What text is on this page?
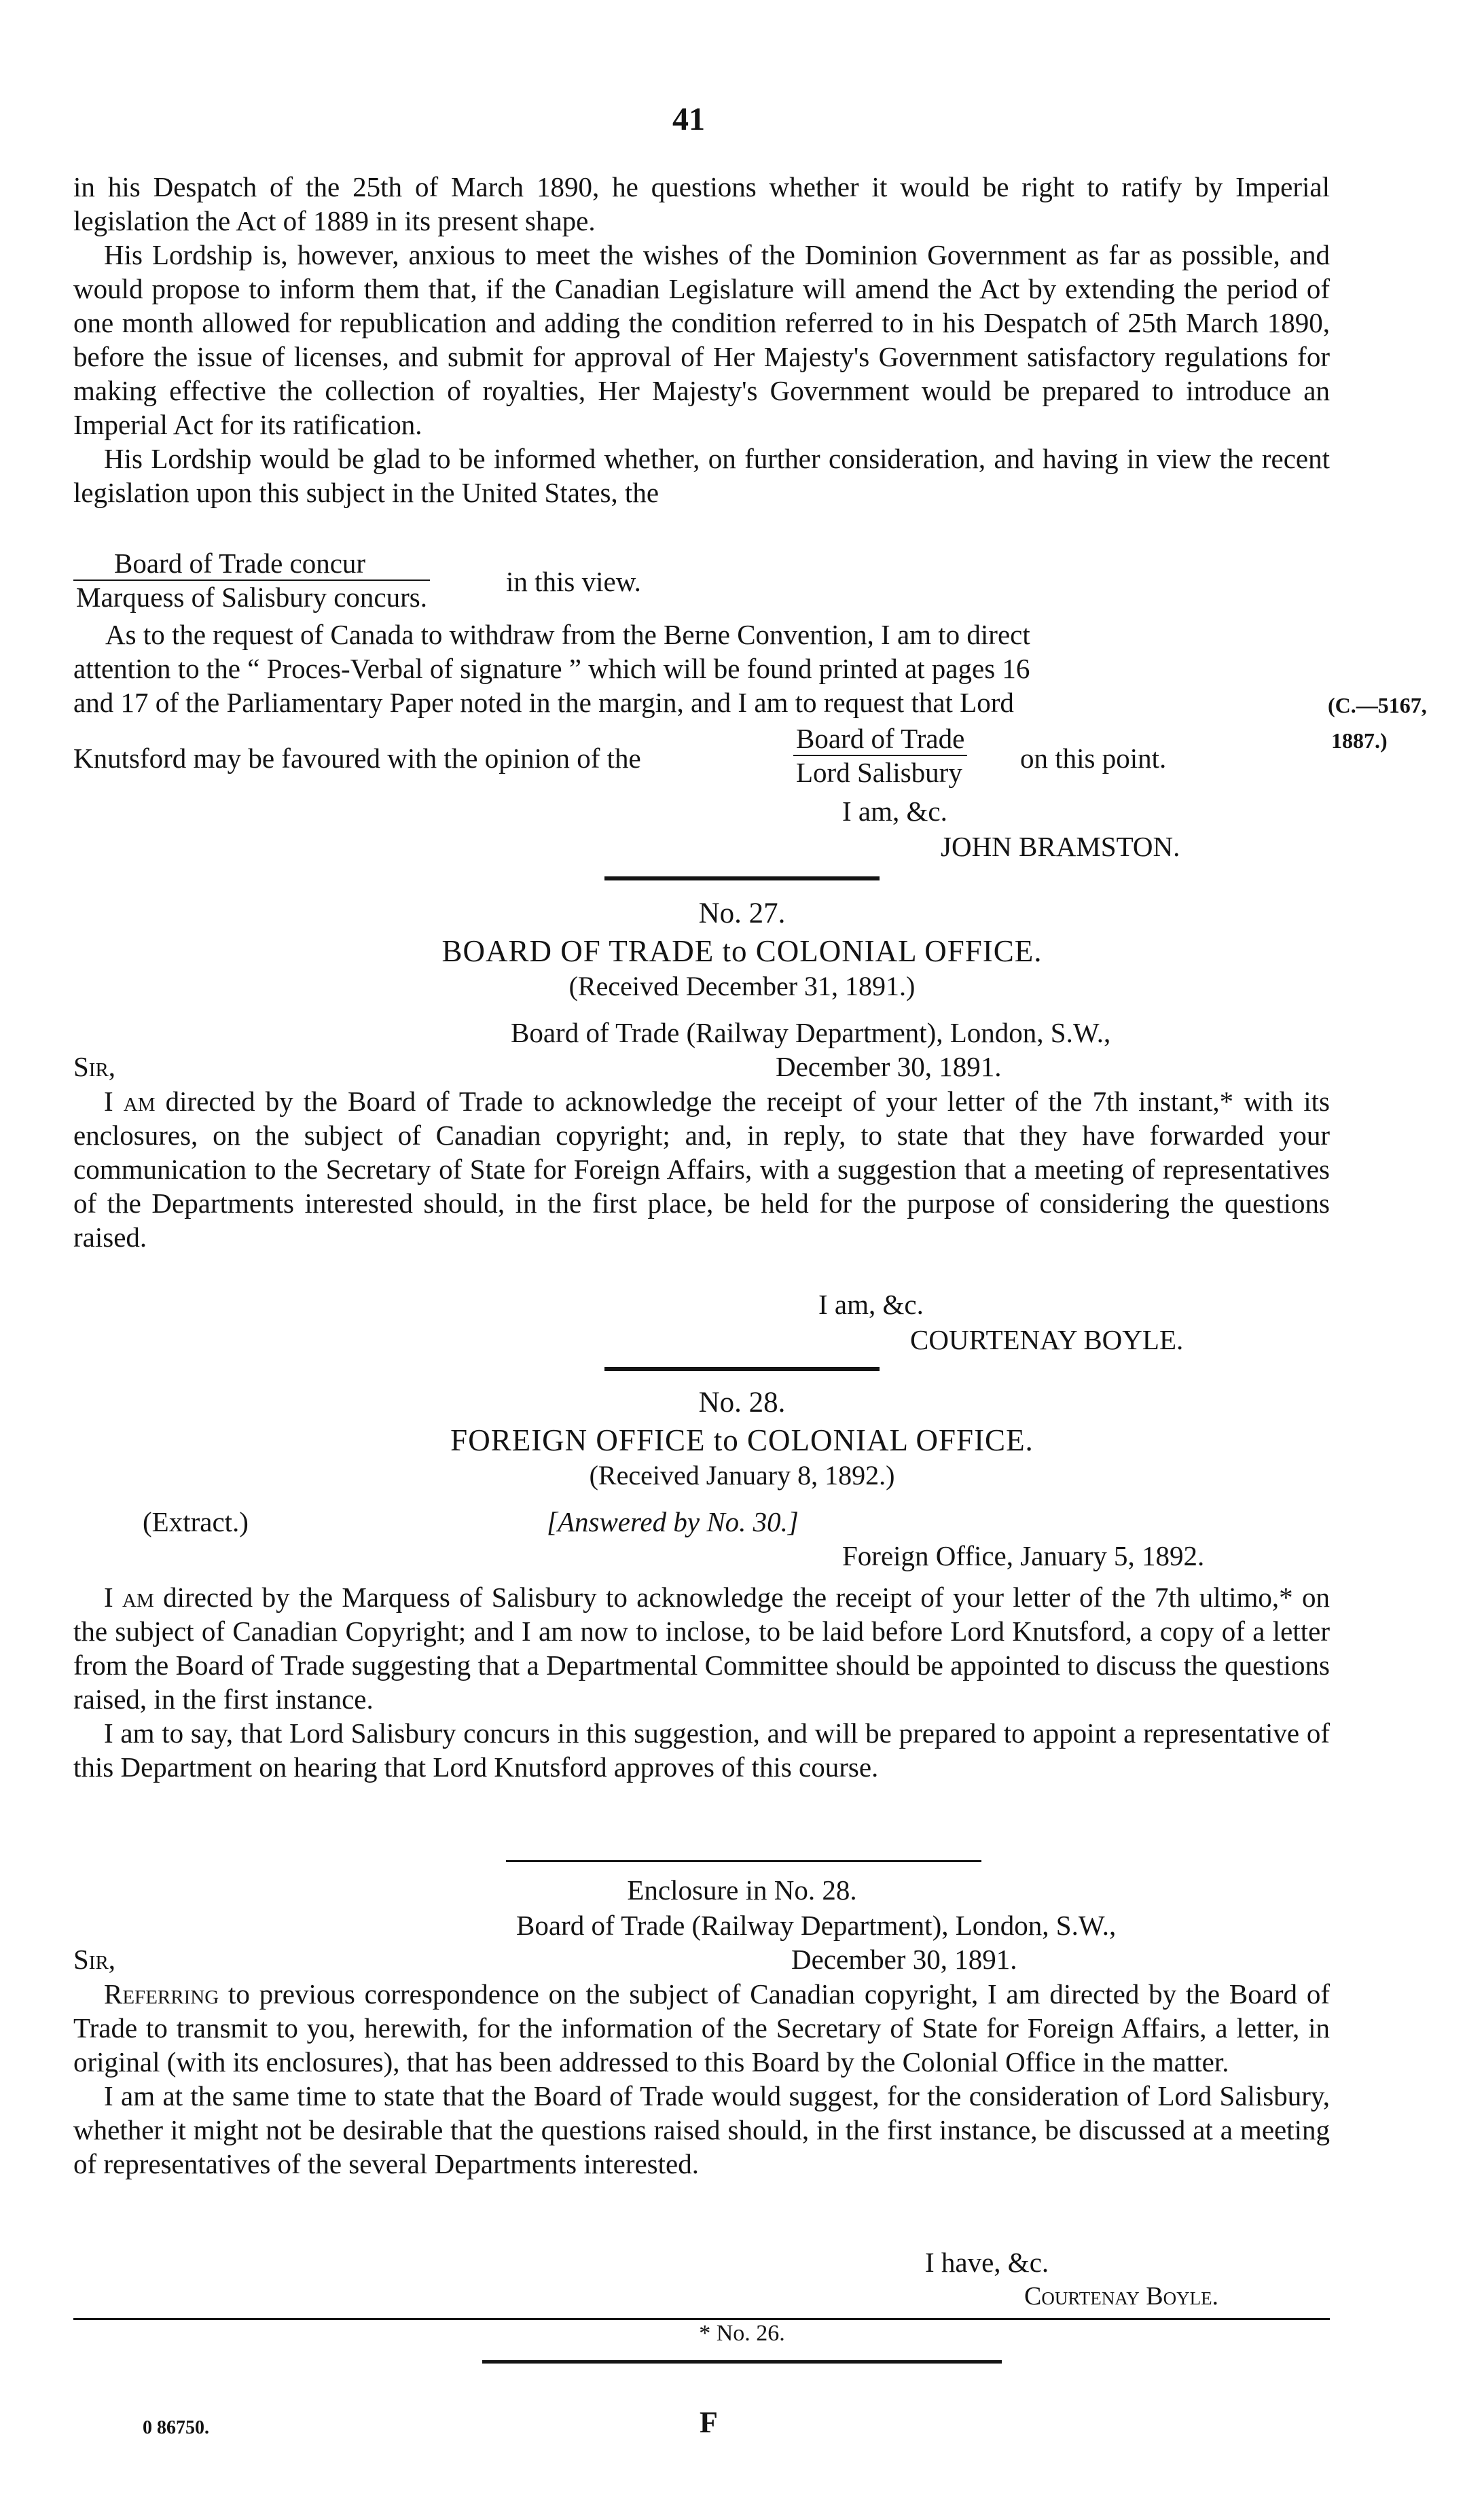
41

in his Despatch of the 25th of March 1890, he questions whether it would be right to ratify by Imperial legislation the Act of 1889 in its present shape.

His Lordship is, however, anxious to meet the wishes of the Dominion Government as far as possible, and would propose to inform them that, if the Canadian Legislature will amend the Act by extending the period of one month allowed for republication and adding the condition referred to in his Despatch of 25th March 1890, before the issue of licenses, and submit for approval of Her Majesty's Government satisfactory regulations for making effective the collection of royalties, Her Majesty's Government would be prepared to introduce an Imperial Act for its ratification.

His Lordship would be glad to be informed whether, on further consideration, and having in view the recent legislation upon this subject in the United States, the

Board of Trade concur
Marquess of Salisbury concurs.	in this view.
As to the request of Canada to withdraw from the Berne Convention, I am to direct
attention to the “ Proces-Verbal of signature ” which will be found printed at pages 16
and 17 of the Parliamentary Paper noted in the margin, and I am to request that Lord
Knutsford may be favoured with the opinion of the
Board of Trade
Lord Salisbury on this point.
(C.—5167,
1887.)
I am, &c.
JOHN BRAMSTON.
No. 27.
BOARD OF TRADE to COLONIAL OFFICE.
(Received December 31, 1891.)
Board of Trade (Railway Department), London, S.W.,
Sir,	December 30, 1891.

I am directed by the Board of Trade to acknowledge the receipt of your letter of the 7th instant,* with its enclosures, on the subject of Canadian copyright; and, in reply, to state that they have forwarded your communication to the Secretary of State for Foreign Affairs, with a suggestion that a meeting of representatives of the Departments interested should, in the first place, be held for the purpose of considering the questions raised.

I am, &c.
COURTENAY BOYLE.
No. 28.
FOREIGN OFFICE to COLONIAL OFFICE.
(Received January 8, 1892.)
(Extract.)	[Answered by No. 30.]
Foreign Office, January 5, 1892.

I am directed by the Marquess of Salisbury to acknowledge the receipt of your letter of the 7th ultimo,* on the subject of Canadian Copyright; and I am now to inclose, to be laid before Lord Knutsford, a copy of a letter from the Board of Trade suggesting that a Departmental Committee should be appointed to discuss the questions raised, in the first instance.

I am to say, that Lord Salisbury concurs in this suggestion, and will be prepared to appoint a representative of this Department on hearing that Lord Knutsford approves of this course.

Enclosure in No. 28.
Board of Trade (Railway Department), London, S.W.,
Sir,	December 30, 1891.

Referring to previous correspondence on the subject of Canadian copyright, I am directed by the Board of Trade to transmit to you, herewith, for the information of the Secretary of State for Foreign Affairs, a letter, in original (with its enclosures), that has been addressed to this Board by the Colonial Office in the matter.

I am at the same time to state that the Board of Trade would suggest, for the consideration of Lord Salisbury, whether it might not be desirable that the questions raised should, in the first instance, be discussed at a meeting of representatives of the several Departments interested.

I have, &c.
Courtenay Boyle.
* No. 26.
0 86750.	F
